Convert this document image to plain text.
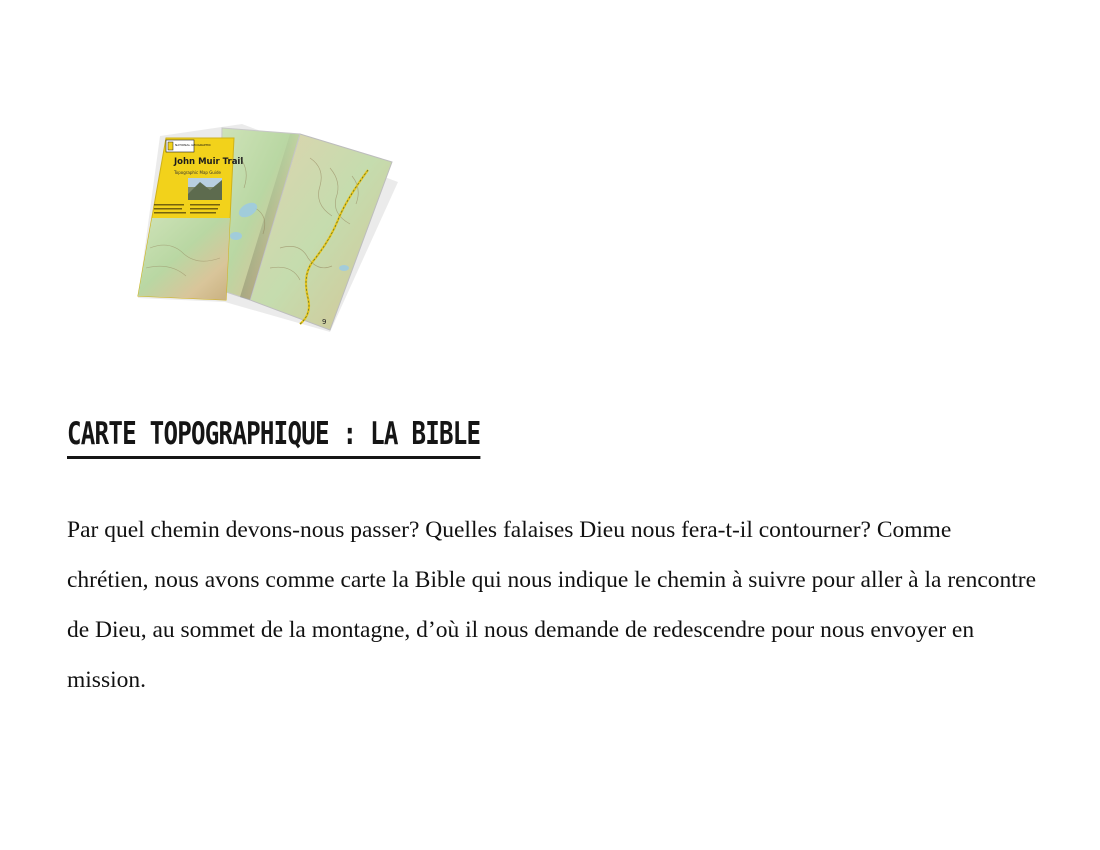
9
NATIONAL GEOGRAPHIC
John Muir Trail
Topographic Map Guide
CARTE TOPOGRAPHIQUE : LA BIBLE

Par quel chemin devons-nous passer? Quelles falaises Dieu nous fera-t-il contourner? Comme chrétien, nous avons comme carte la Bible qui nous indique le chemin à suivre pour aller à la rencontre de Dieu, au sommet de la montagne, d’où il nous demande de redescendre pour nous envoyer en mission.
